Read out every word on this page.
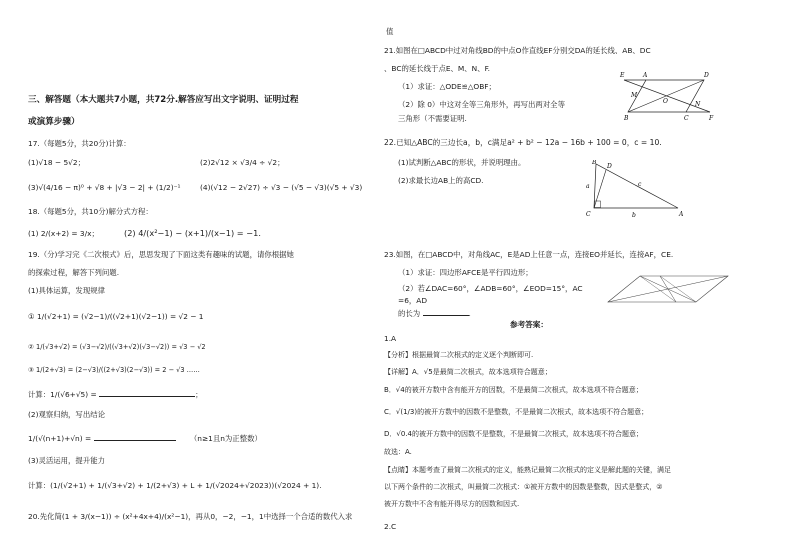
三、解答题（本大题共7小题，共72分.解答应写出文字说明、证明过程
或演算步骤）
17.（每题5分，共20分)计算：
(1)√18 − 5√2；	(2)2√12 × √3/4 ÷ √2；
(3)√(4/16 − π)⁰ + √8 + |√3 − 2| + (1/2)⁻¹	(4)(√12 − 2√27) ÷ √3 − (√5 − √3)(√5 + √3)
18.（每题5分，共10分)解分式方程：
(1) 2/(x+2) = 3/x；	(2) 4/(x²−1) − (x+1)/(x−1) = −1.
19.（分)学习完《二次根式》后，思思发现了下面这类有趣味的试题，请你根据她
的探索过程，解答下列问题.
(1)具体运算，发现规律
① 1/(√2+1) = (√2−1)/((√2+1)(√2−1)) = √2 − 1
② 1/(√3+√2) = (√3−√2)/((√3+√2)(√3−√2)) = √3 − √2
③ 1/(2+√3) = (2−√3)/((2+√3)(2−√3)) = 2 − √3 ……
计算：1/(√6+√5) =	；
(2)观察归纳，写出结论
1/(√(n+1)+√n) =	（n≥1且n为正整数）
(3)灵活运用，提升能力
计算：(1/(√2+1) + 1/(√3+√2) + 1/(2+√3) + L + 1/(√2024+√2023))(√2024 + 1).
20.先化简(1 + 3/(x−1)) ÷ (x²+4x+4)/(x²−1)，再从0，−2，−1，1中选择一个合适的数代入求
值
21.如图在□ABCD中过对角线BD的中点O作直线EF分别交DA的延长线、AB、DC
、BC的延长线于点E、M、N、F.
（1）求证：△ODE≌△OBF；
（2）除 0）中这对全等三角形外，再写出两对全等
三角形（不需要证明.
E	A	D
M
O	N
B	C	F
22.已知△ABC的三边长a，b，c满足a² + b² − 12a − 16b + 100 = 0，c = 10.
(1)试判断△ABC的形状，并说明理由。
(2)求最长边AB上的高CD.
C
D
a
b
c
B
A
23.如图，在□ABCD中，对角线AC，E是AD上任意一点，连接EO并延长，连接AF，CE.
（1）求证：四边形AFCE是平行四边形；
（2）若∠DAC=60°，∠ADB=60°，∠EOD=15°，AC
=6，AD
的长为	.
参考答案：
1.A
【分析】根据最简二次根式的定义逐个判断即可.
【详解】A．√5是最简二次根式，故本选项符合题意；
B．√4的被开方数中含有能开方的因数，不是最简二次根式，故本选项不符合题意；
C．√(1/3)的被开方数中的因数不是整数，不是最简二次根式，故本选项不符合题意；
D．√0.4的被开方数中的因数不是整数，不是最简二次根式，故本选项不符合题意；
故选：A.
【点睛】本题考查了最简二次根式的定义，能熟记最简二次根式的定义是解此题的关键，满足
以下两个条件的二次根式，叫最简二次根式：①被开方数中的因数是整数，因式是整式，②
被开方数中不含有能开得尽方的因数和因式.
2.C
